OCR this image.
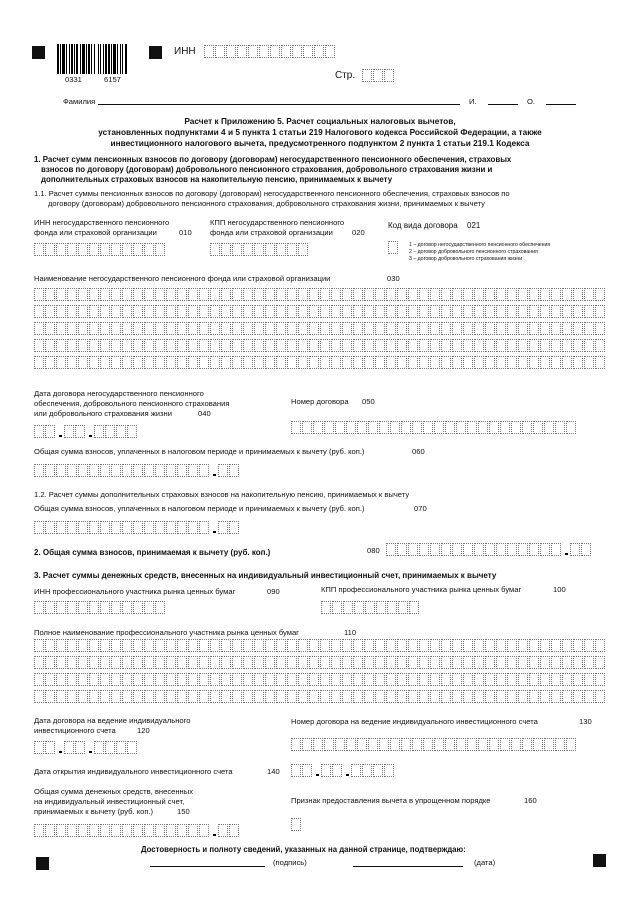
0331	6157
ИНН
Стр.
Фамилия	И.	О.
Расчет к Приложению 5. Расчет социальных налоговых вычетов,
установленных подпунктами 4 и 5 пункта 1 статьи 219 Налогового кодекса Российской Федерации, а также
инвестиционного налогового вычета, предусмотренного подпунктом 2 пункта 1 статьи 219.1 Кодекса
1. Расчет сумм пенсионных взносов по договору (договорам) негосударственного пенсионного обеспечения, страховых
взносов по договору (договорам) добровольного пенсионного страхования, добровольного страхования жизни и
дополнительных страховых взносов на накопительную пенсию, принимаемых к вычету
1.1. Расчет суммы пенсионных взносов по договору (договорам) негосударственного пенсионного обеспечения, страховых взносов по
договору (договорам) добровольного пенсионного страхования, добровольного страхования жизни, принимаемых к вычету
ИНН негосударственного пенсионного
фонда или страховой организации	010
КПП негосударственного пенсионного
фонда или страховой организации	020
Код вида договора 021
1 – договор негосударственного пенсионного обеспечения
2 – договор добровольного пенсионного страхования
3 – договор добровольного страхования жизни
Наименование негосударственного пенсионного фонда или страховой организации	030
Дата договора негосударственного пенсионного
обеспечения, добровольного пенсионного страхования
или добровольного страхования жизни	040
Номер договора 050
Общая сумма взносов, уплаченных в налоговом периоде и принимаемых к вычету (руб. коп.)	060
1.2. Расчет суммы дополнительных страховых взносов на накопительную пенсию, принимаемых к вычету
Общая сумма взносов, уплаченных в налоговом периоде и принимаемых к вычету (руб. коп.)	070
2. Общая сумма взносов, принимаемая к вычету (руб. коп.)	080
3. Расчет суммы денежных средств, внесенных на индивидуальный инвестиционный счет, принимаемых к вычету
ИНН профессионального участника рынка ценных бумаг	090	КПП профессионального участника рынка ценных бумаг	100
Полное наименование профессионального участника рынка ценных бумаг	110
Дата договора на ведение индивидуального
инвестиционного счета	120
Номер договора на ведение индивидуального инвестиционного счета	130
Дата открытия индивидуального инвестиционного счета	140
Общая сумма денежных средств, внесенных
на индивидуальный инвестиционный счет,
принимаемых к вычету (руб. коп.)	150
Признак предоставления вычета в упрощенном порядке	160
Достоверность и полноту сведений, указанных на данной странице, подтверждаю:
(подпись)	(дата)
